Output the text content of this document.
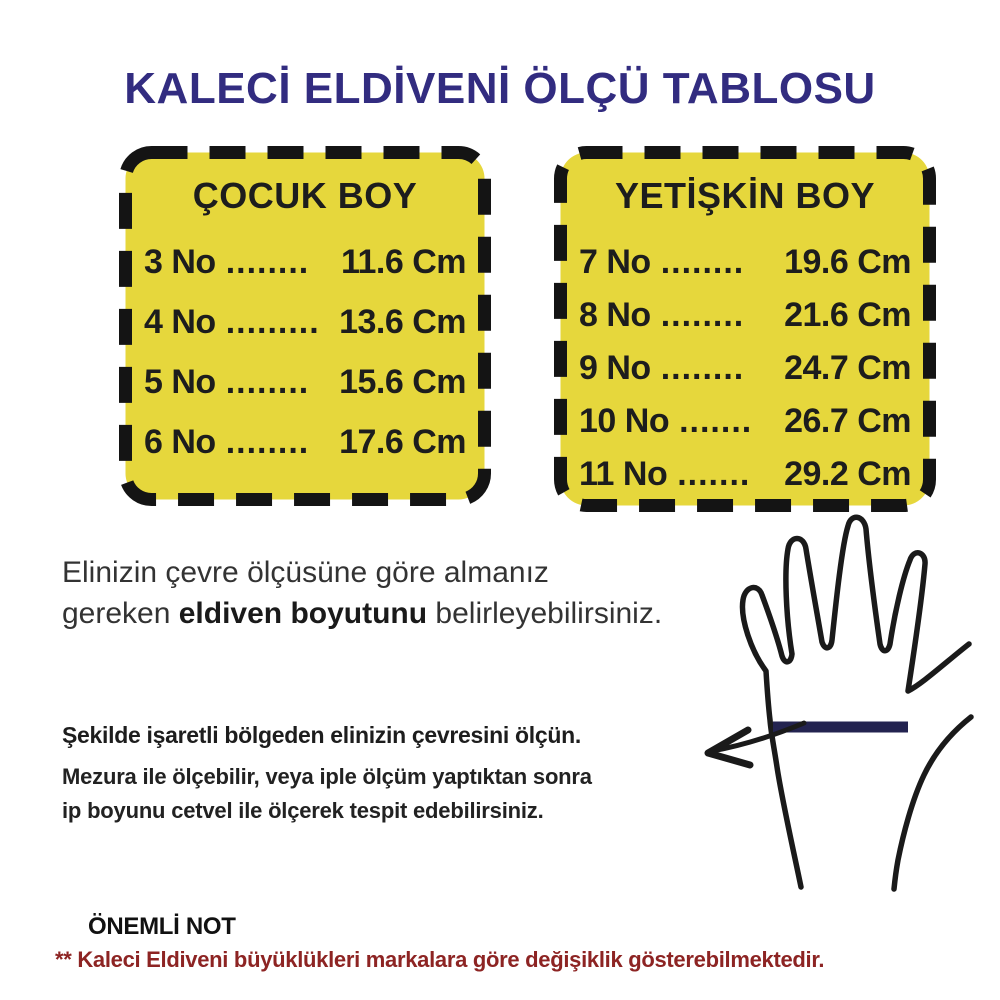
KALECİ ELDİVENİ ÖLÇÜ TABLOSU
ÇOCUK BOY
3 No ........ 11.6 Cm
4 No ......... 13.6 Cm
5 No ........ 15.6 Cm
6 No ........ 17.6 Cm
YETİŞKİN BOY
7 No ........ 19.6 Cm
8 No ........ 21.6 Cm
9 No ........ 24.7 Cm
10 No ....... 26.7 Cm
11 No ....... 29.2 Cm
Elinizin çevre ölçüsüne göre almanız
gereken eldiven boyutunu belirleyebilirsiniz.
Şekilde işaretli bölgeden elinizin çevresini ölçün.
Mezura ile ölçebilir, veya iple ölçüm yaptıktan sonra
ip boyunu cetvel ile ölçerek tespit edebilirsiniz.
ÖNEMLİ NOT
** Kaleci Eldiveni büyüklükleri markalara göre değişiklik gösterebilmektedir.
